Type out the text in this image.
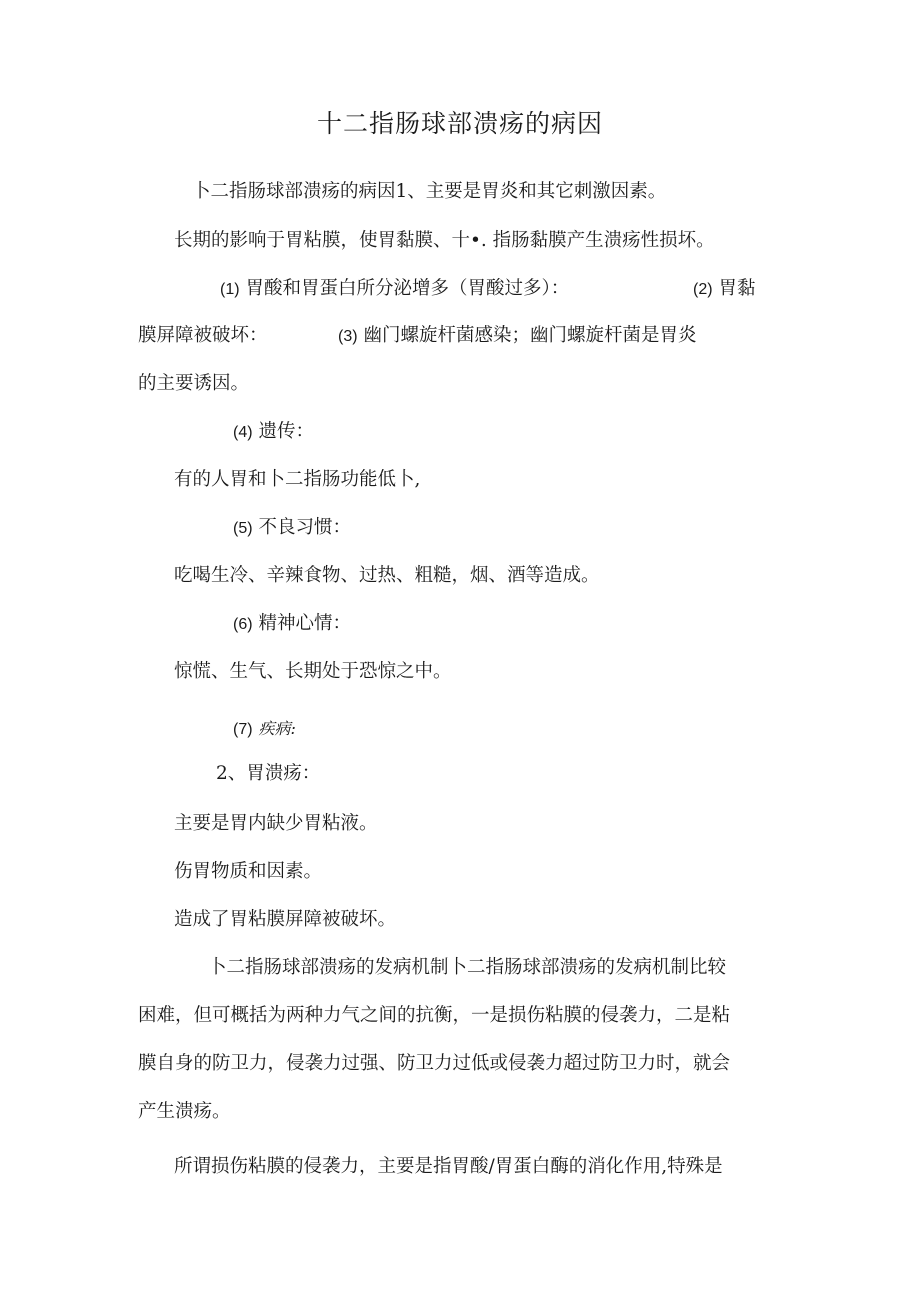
十二指肠球部溃疡的病因

卜二指肠球部溃疡的病因1、主要是胃炎和其它刺激因素。

长期的影响于胃粘膜，使胃黏膜、十•. 指肠黏膜产生溃疡性损坏。

(1) 胃酸和胃蛋白所分泌增多（胃酸过多）：	(2) 胃黏

膜屏障被破坏：	(3) 幽门螺旋杆菌感染；幽门螺旋杆菌是胃炎

的主要诱因。

(4) 遗传：

有的人胃和卜二指肠功能低卜,

(5) 不良习惯：

吃喝生冷、辛辣食物、过热、粗糙，烟、酒等造成。

(6) 精神心情：

惊慌、生气、长期处于恐惊之中。

(7) 疾病:

2、胃溃疡：

主要是胃内缺少胃粘液。

伤胃物质和因素。

造成了胃粘膜屏障被破坏。

卜二指肠球部溃疡的发病机制卜二指肠球部溃疡的发病机制比较

困难，但可概括为两种力气之间的抗衡，一是损伤粘膜的侵袭力，二是粘

膜自身的防卫力，侵袭力过强、防卫力过低或侵袭力超过防卫力时，就会

产生溃疡。

所谓损伤粘膜的侵袭力，主要是指胃酸/胃蛋白酶的消化作用,特殊是
